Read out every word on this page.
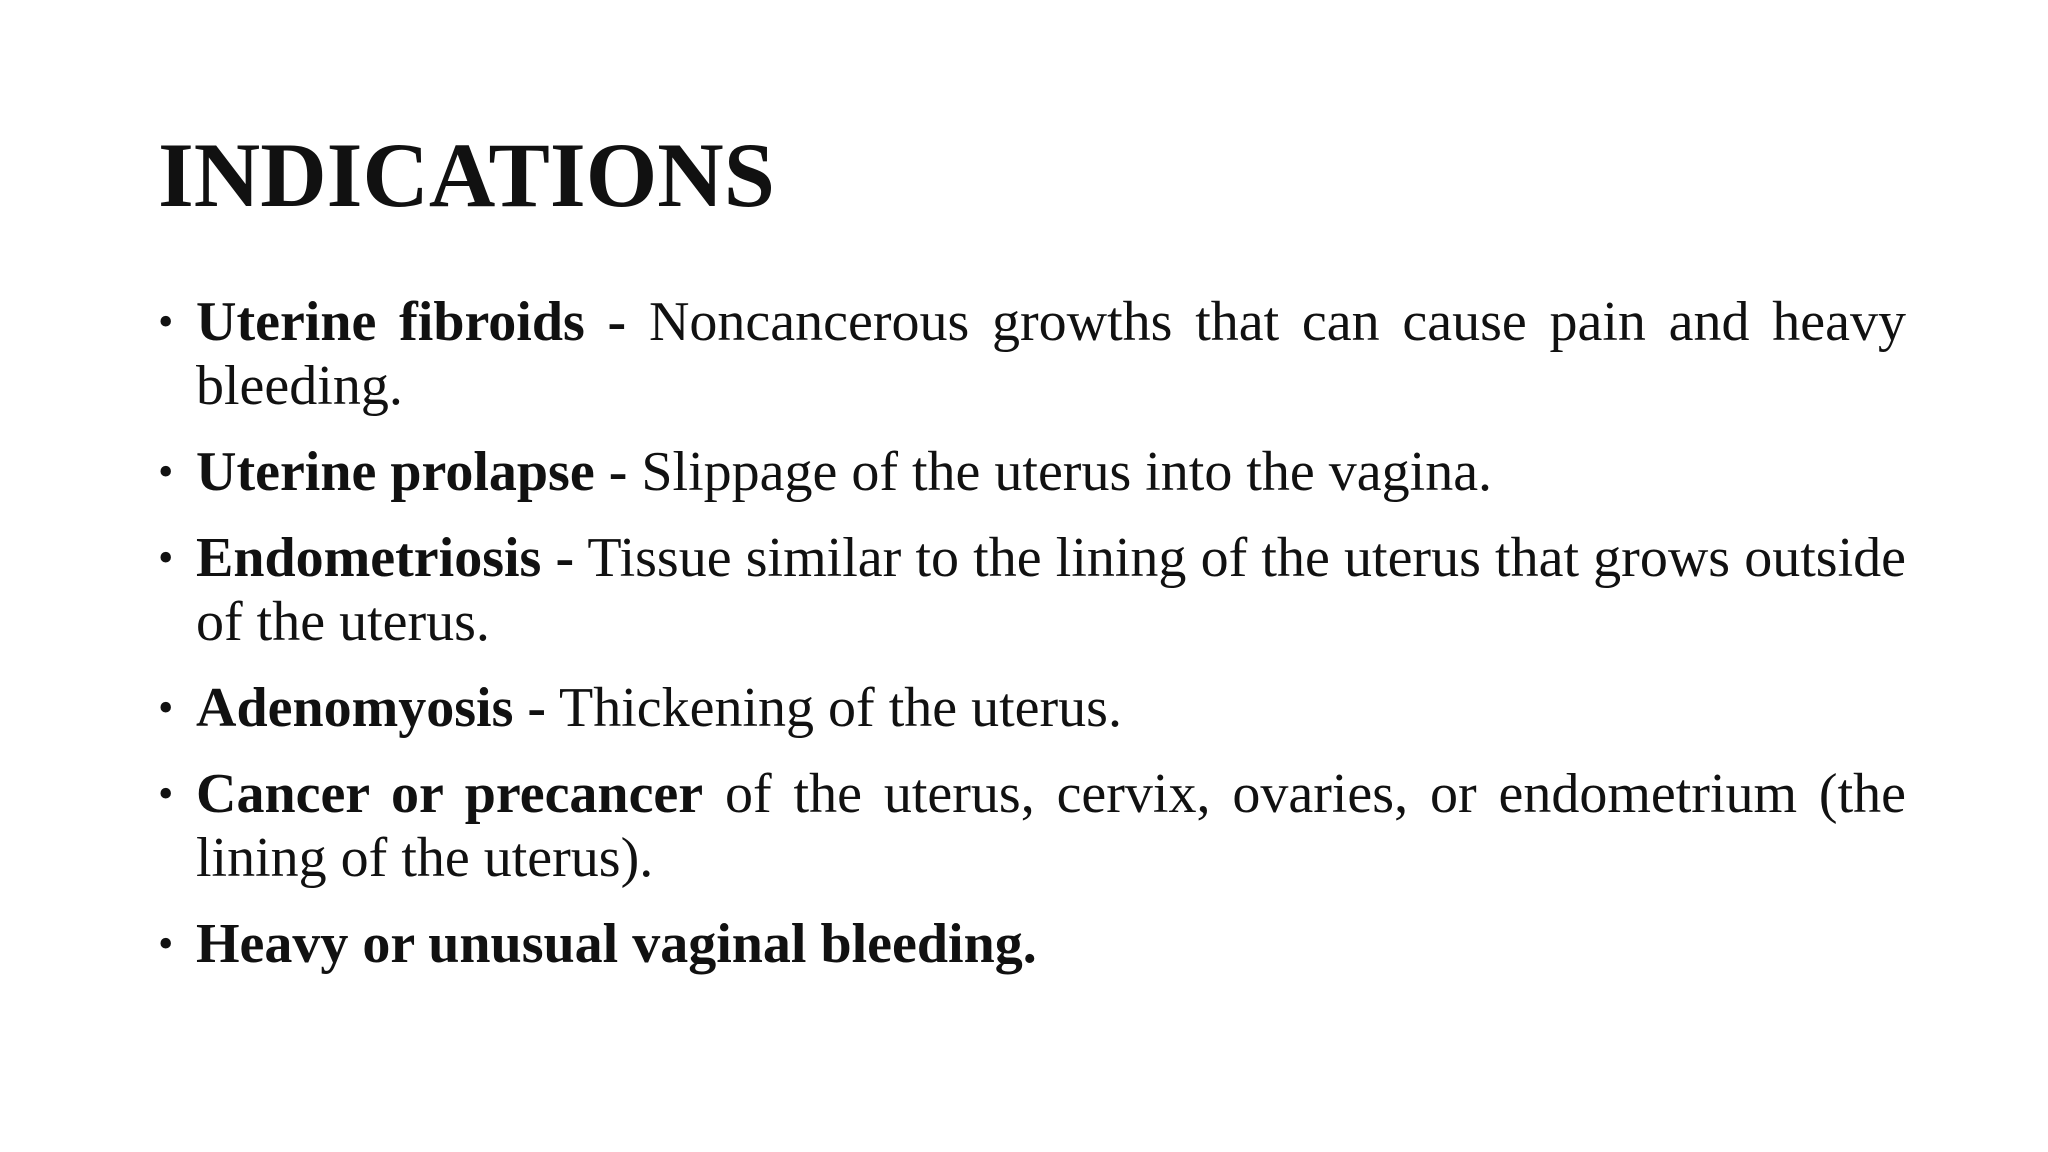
INDICATIONS
• Uterine fibroids - Noncancerous growths that can cause pain and heavy bleeding.
• Uterine prolapse - Slippage of the uterus into the vagina.
• Endometriosis - Tissue similar to the lining of the uterus that grows outside of the uterus.
• Adenomyosis - Thickening of the uterus.
• Cancer or precancer of the uterus, cervix, ovaries, or endometrium (the lining of the uterus).
• Heavy or unusual vaginal bleeding.
